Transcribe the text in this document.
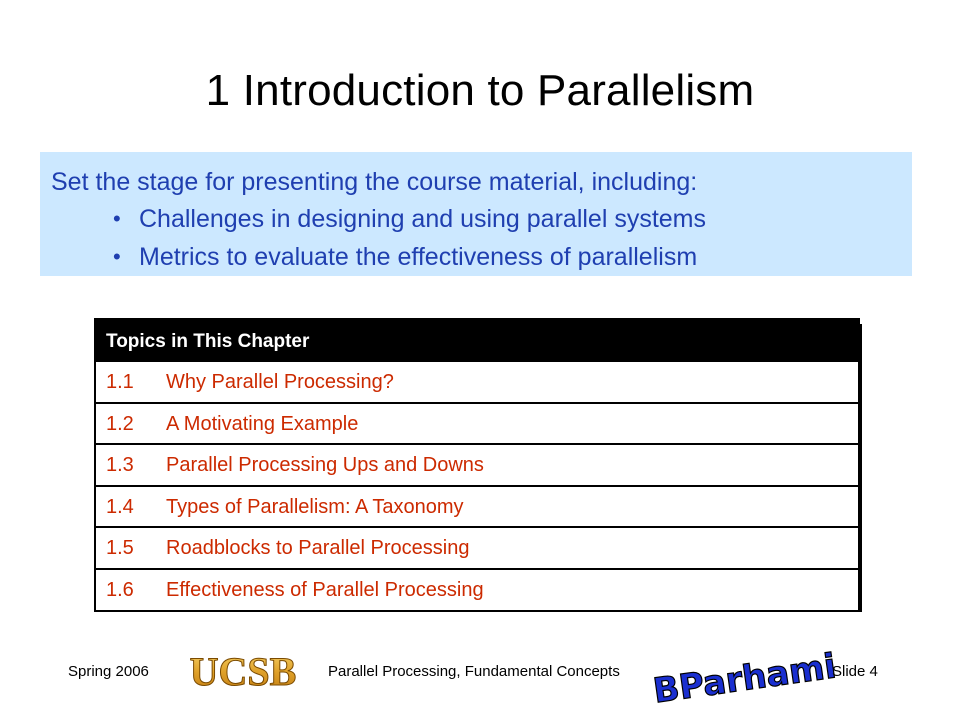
1 Introduction to Parallelism
Set the stage for presenting the course material, including:
• Challenges in designing and using parallel systems
• Metrics to evaluate the effectiveness of parallelism
Topics in This Chapter
1.1 Why Parallel Processing?
1.2 A Motivating Example
1.3 Parallel Processing Ups and Downs
1.4 Types of Parallelism: A Taxonomy
1.5 Roadblocks to Parallel Processing
1.6 Effectiveness of Parallel Processing
Spring 2006 UCSB Parallel Processing, Fundamental Concepts BParhami
Slide 4
